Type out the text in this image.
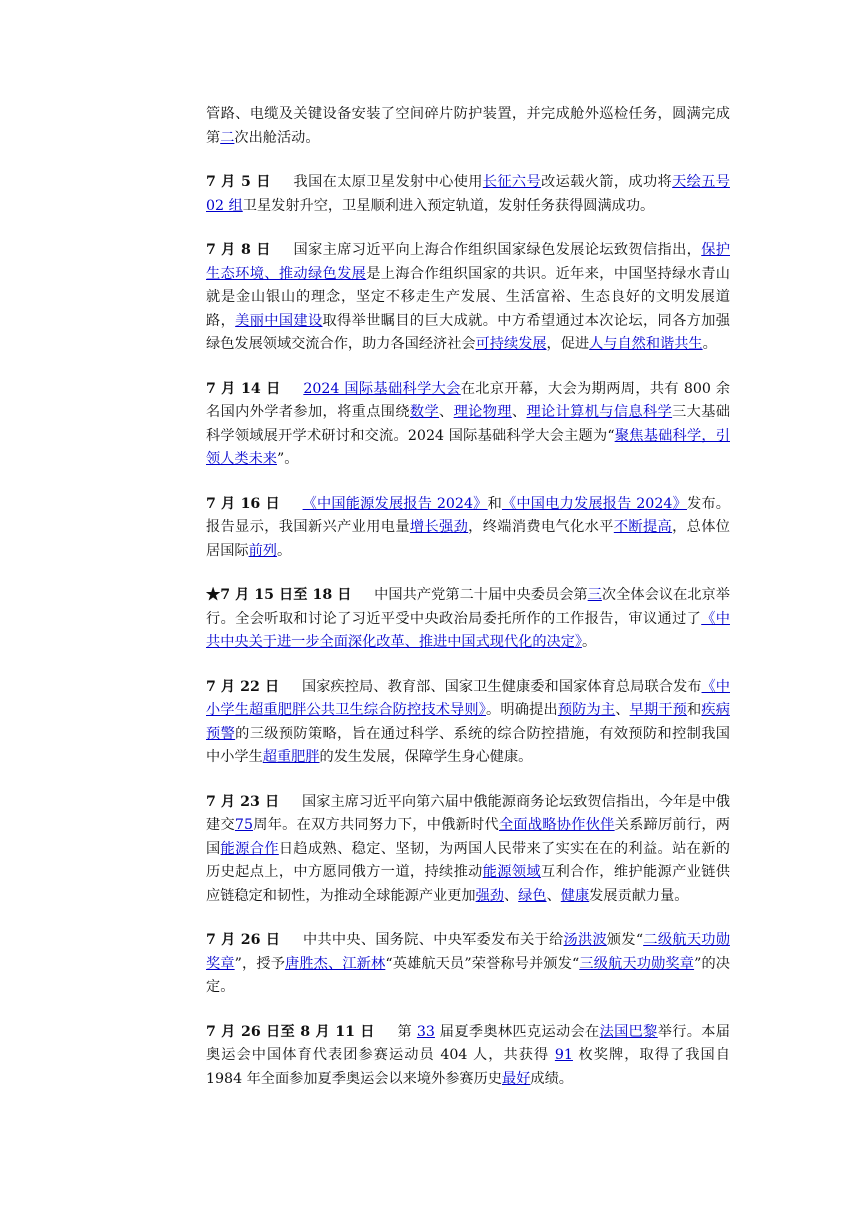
管路、电缆及关键设备安装了空间碎片防护装置，并完成舱外巡检任务，圆满完成第二次出舱活动。

7 月 5 日 我国在太原卫星发射中心使用长征六号改运载火箭，成功将天绘五号 02 组卫星发射升空，卫星顺利进入预定轨道，发射任务获得圆满成功。

7 月 8 日 国家主席习近平向上海合作组织国家绿色发展论坛致贺信指出，保护生态环境、推动绿色发展是上海合作组织国家的共识。近年来，中国坚持绿水青山就是金山银山的理念，坚定不移走生产发展、生活富裕、生态良好的文明发展道路，美丽中国建设取得举世瞩目的巨大成就。中方希望通过本次论坛，同各方加强绿色发展领域交流合作，助力各国经济社会可持续发展，促进人与自然和谐共生。

7 月 14 日 2024 国际基础科学大会在北京开幕，大会为期两周，共有 800 余名国内外学者参加，将重点围绕数学、理论物理、理论计算机与信息科学三大基础科学领域展开学术研讨和交流。2024 国际基础科学大会主题为“聚焦基础科学，引领人类未来”。

7 月 16 日 《中国能源发展报告 2024》和《中国电力发展报告 2024》发布。报告显示，我国新兴产业用电量增长强劲，终端消费电气化水平不断提高，总体位居国际前列。

★7 月 15 日至 18 日 中国共产党第二十届中央委员会第三次全体会议在北京举行。全会听取和讨论了习近平受中央政治局委托所作的工作报告，审议通过了《中共中央关于进一步全面深化改革、推进中国式现代化的决定》。

7 月 22 日 国家疾控局、教育部、国家卫生健康委和国家体育总局联合发布《中小学生超重肥胖公共卫生综合防控技术导则》。明确提出预防为主、早期干预和疾病预警的三级预防策略，旨在通过科学、系统的综合防控措施，有效预防和控制我国中小学生超重肥胖的发生发展，保障学生身心健康。

7 月 23 日 国家主席习近平向第六届中俄能源商务论坛致贺信指出，今年是中俄建交75周年。在双方共同努力下，中俄新时代全面战略协作伙伴关系蹄厉前行，两国能源合作日趋成熟、稳定、坚韧，为两国人民带来了实实在在的利益。站在新的历史起点上，中方愿同俄方一道，持续推动能源领域互利合作，维护能源产业链供应链稳定和韧性，为推动全球能源产业更加强劲、绿色、健康发展贡献力量。

7 月 26 日 中共中央、国务院、中央军委发布关于给汤洪波颁发“二级航天功勋奖章”，授予唐胜杰、江新林“英雄航天员”荣誉称号并颁发“三级航天功勋奖章”的决定。

7 月 26 日至 8 月 11 日 第 33 届夏季奥林匹克运动会在法国巴黎举行。本届奥运会中国体育代表团参赛运动员 404 人，共获得 91 枚奖牌，取得了我国自 1984 年全面参加夏季奥运会以来境外参赛历史最好成绩。
